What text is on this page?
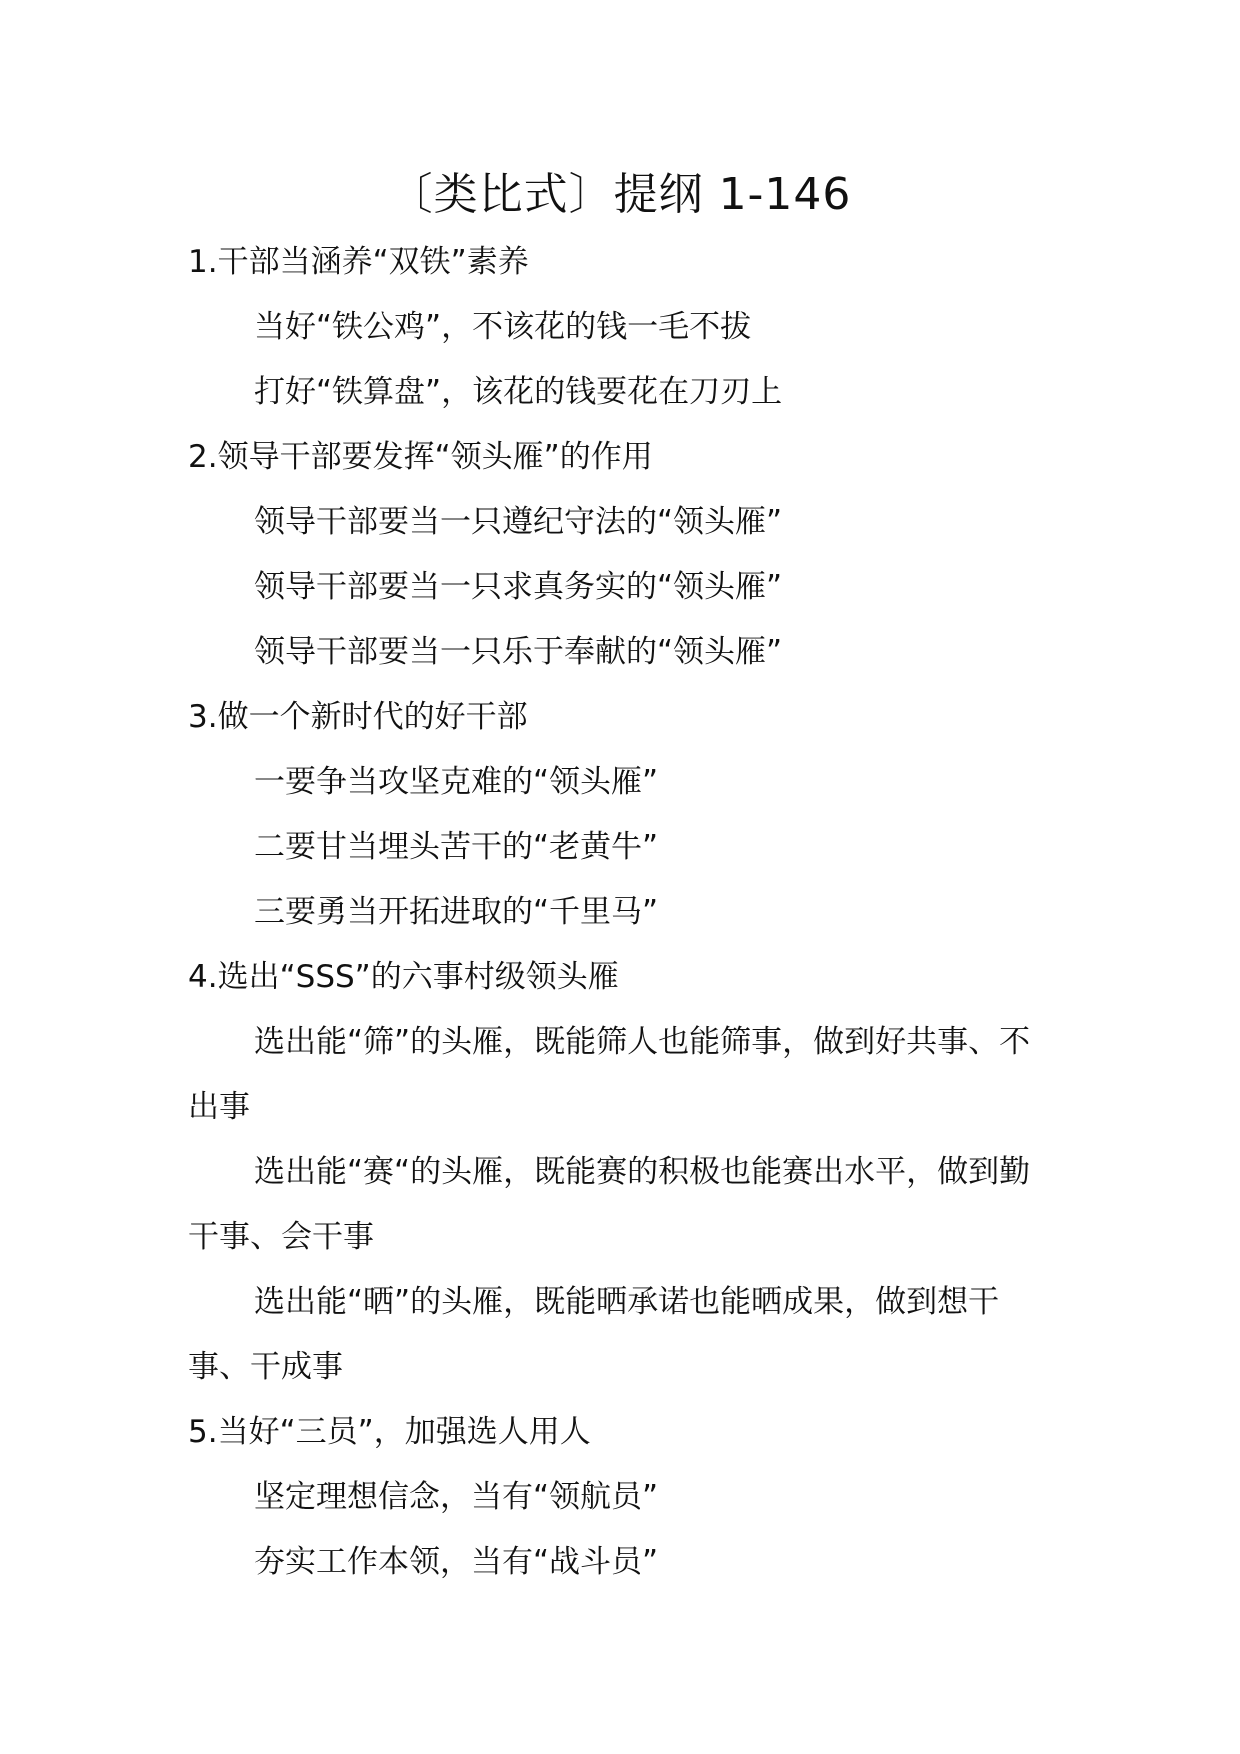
〔类比式〕提纲 1-146

1.干部当涵养“双铁”素养

当好“铁公鸡”，不该花的钱一毛不拔

打好“铁算盘”，该花的钱要花在刀刃上

2.领导干部要发挥“领头雁”的作用

领导干部要当一只遵纪守法的“领头雁”

领导干部要当一只求真务实的“领头雁”

领导干部要当一只乐于奉献的“领头雁”

3.做一个新时代的好干部

一要争当攻坚克难的“领头雁”

二要甘当埋头苦干的“老黄牛”

三要勇当开拓进取的“千里马”

4.选出“SSS”的六事村级领头雁

选出能“筛”的头雁，既能筛人也能筛事，做到好共事、不出事

选出能“赛“的头雁，既能赛的积极也能赛出水平，做到勤干事、会干事

选出能“晒”的头雁，既能晒承诺也能晒成果，做到想干事、干成事

5.当好“三员”，加强选人用人

坚定理想信念，当有“领航员”

夯实工作本领，当有“战斗员”
